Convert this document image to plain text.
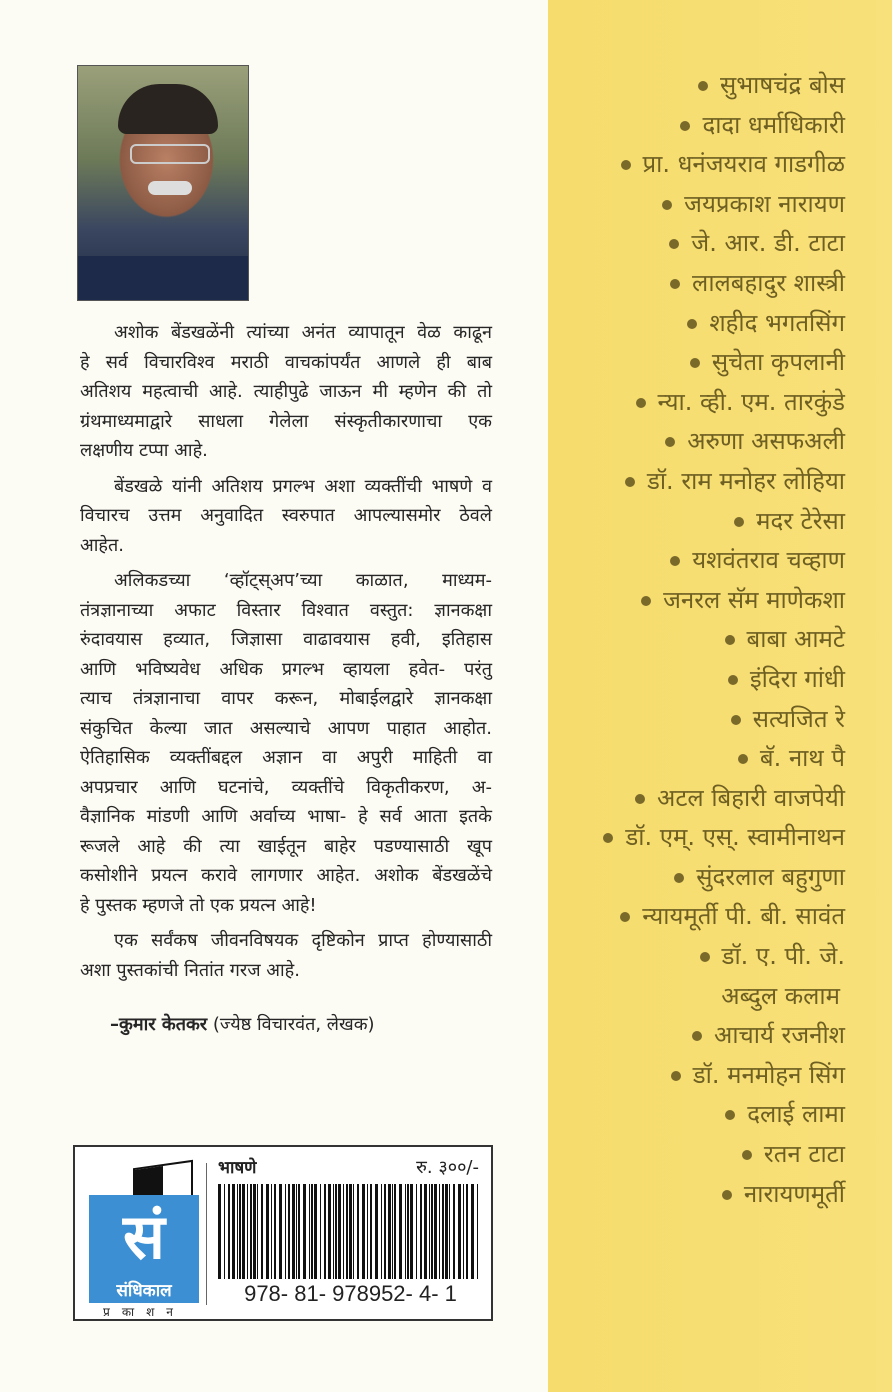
अशोक बेंडखळेंनी त्यांच्या अनंत व्यापातून वेळ काढून
हे सर्व विचारविश्व मराठी वाचकांपर्यंत आणले ही बाब
अतिशय महत्वाची आहे. त्याहीपुढे जाऊन मी म्हणेन की तो
ग्रंथमाध्यमाद्वारे साधला गेलेला संस्कृतीकारणाचा एक
लक्षणीय टप्पा आहे.
बेंडखळे यांनी अतिशय प्रगल्भ अशा व्यक्तींची भाषणे व
विचारच उत्तम अनुवादित स्वरुपात आपल्यासमोर ठेवले
आहेत.
अलिकडच्या ‘व्हॉट्स्अप’च्या काळात, माध्यम-
तंत्रज्ञानाच्या अफाट विस्तार विश्वात वस्तुत: ज्ञानकक्षा
रुंदावयास हव्यात, जिज्ञासा वाढावयास हवी, इतिहास
आणि भविष्यवेध अधिक प्रगल्भ व्हायला हवेत- परंतु
त्याच तंत्रज्ञानाचा वापर करून, मोबाईलद्वारे ज्ञानकक्षा
संकुचित केल्या जात असल्याचे आपण पाहात आहोत.
ऐतिहासिक व्यक्तींबद्दल अज्ञान वा अपुरी माहिती वा
अपप्रचार आणि घटनांचे, व्यक्तींचे विकृतीकरण, अ-
वैज्ञानिक मांडणी आणि अर्वाच्य भाषा- हे सर्व आता इतके
रूजले आहे की त्या खाईतून बाहेर पडण्यासाठी खूप
कसोशीने प्रयत्न करावे लागणार आहेत. अशोक बेंडखळेंचे
हे पुस्तक म्हणजे तो एक प्रयत्न आहे!
एक सर्वंकष जीवनविषयक दृष्टिकोन प्राप्त होण्यासाठी
अशा पुस्तकांची नितांत गरज आहे.
–कुमार केतकर (ज्येष्ठ विचारवंत, लेखक)
सं
संधिकाल
प्रकाशन
भाषणे	रु. ३००/-
978- 81- 978952- 4- 1
सुभाषचंद्र बोस
दादा धर्माधिकारी
प्रा. धनंजयराव गाडगीळ
जयप्रकाश नारायण
जे. आर. डी. टाटा
लालबहादुर शास्त्री
शहीद भगतसिंग
सुचेता कृपलानी
न्या. व्ही. एम. तारकुंडे
अरुणा असफअली
डॉ. राम मनोहर लोहिया
मदर टेरेसा
यशवंतराव चव्हाण
जनरल सॅम माणेकशा
बाबा आमटे
इंदिरा गांधी
सत्यजित रे
बॅ. नाथ पै
अटल बिहारी वाजपेयी
डॉ. एम्. एस्. स्वामीनाथन
सुंदरलाल बहुगुणा
न्यायमूर्ती पी. बी. सावंत
डॉ. ए. पी. जे.
अब्दुल कलाम
आचार्य रजनीश
डॉ. मनमोहन सिंग
दलाई लामा
रतन टाटा
नारायणमूर्ती
